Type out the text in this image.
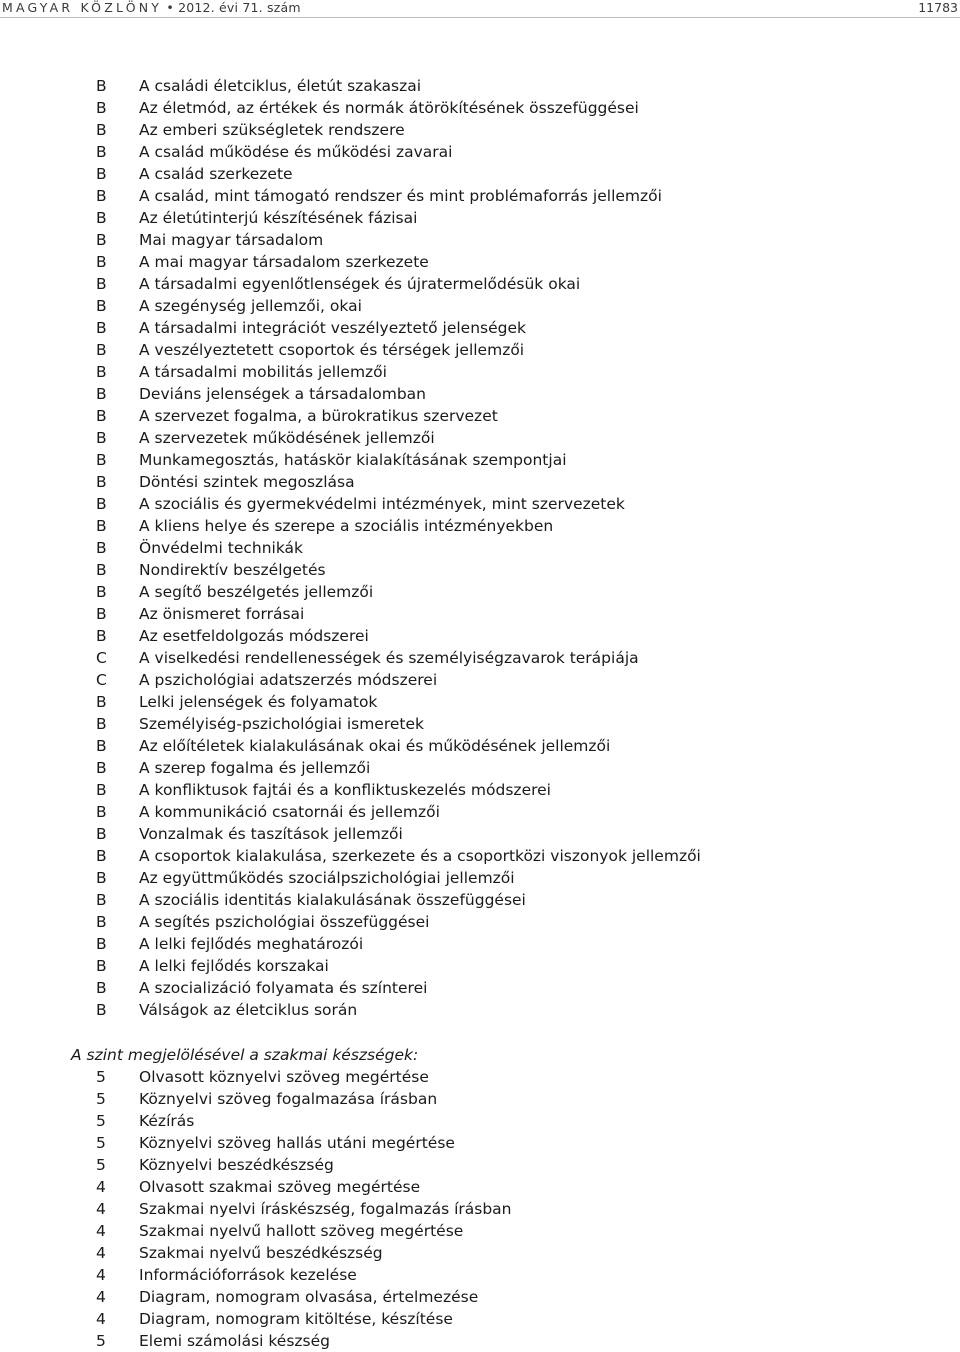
MAGYAR KÖZLÖNY • 2012. évi 71. szám	11783
B	A családi életciklus, életút szakaszai
B	Az életmód, az értékek és normák átörökítésének összefüggései
B	Az emberi szükségletek rendszere
B	A család működése és működési zavarai
B	A család szerkezete
B	A család, mint támogató rendszer és mint problémaforrás jellemzői
B	Az életútinterjú készítésének fázisai
B	Mai magyar társadalom
B	A mai magyar társadalom szerkezete
B	A társadalmi egyenlőtlenségek és újratermelődésük okai
B	A szegénység jellemzői, okai
B	A társadalmi integrációt veszélyeztető jelenségek
B	A veszélyeztetett csoportok és térségek jellemzői
B	A társadalmi mobilitás jellemzői
B	Deviáns jelenségek a társadalomban
B	A szervezet fogalma, a bürokratikus szervezet
B	A szervezetek működésének jellemzői
B	Munkamegosztás, hatáskör kialakításának szempontjai
B	Döntési szintek megoszlása
B	A szociális és gyermekvédelmi intézmények, mint szervezetek
B	A kliens helye és szerepe a szociális intézményekben
B	Önvédelmi technikák
B	Nondirektív beszélgetés
B	A segítő beszélgetés jellemzői
B	Az önismeret forrásai
B	Az esetfeldolgozás módszerei
C	A viselkedési rendellenességek és személyiségzavarok terápiája
C	A pszichológiai adatszerzés módszerei
B	Lelki jelenségek és folyamatok
B	Személyiség-pszichológiai ismeretek
B	Az előítéletek kialakulásának okai és működésének jellemzői
B	A szerep fogalma és jellemzői
B	A konfliktusok fajtái és a konfliktuskezelés módszerei
B	A kommunikáció csatornái és jellemzői
B	Vonzalmak és taszítások jellemzői
B	A csoportok kialakulása, szerkezete és a csoportközi viszonyok jellemzői
B	Az együttműködés szociálpszichológiai jellemzői
B	A szociális identitás kialakulásának összefüggései
B	A segítés pszichológiai összefüggései
B	A lelki fejlődés meghatározói
B	A lelki fejlődés korszakai
B	A szocializáció folyamata és színterei
B	Válságok az életciklus során
A szint megjelölésével a szakmai készségek:
5	Olvasott köznyelvi szöveg megértése
5	Köznyelvi szöveg fogalmazása írásban
5	Kézírás
5	Köznyelvi szöveg hallás utáni megértése
5	Köznyelvi beszédkészség
4	Olvasott szakmai szöveg megértése
4	Szakmai nyelvi íráskészség, fogalmazás írásban
4	Szakmai nyelvű hallott szöveg megértése
4	Szakmai nyelvű beszédkészség
4	Információforrások kezelése
4	Diagram, nomogram olvasása, értelmezése
4	Diagram, nomogram kitöltése, készítése
5	Elemi számolási készség
